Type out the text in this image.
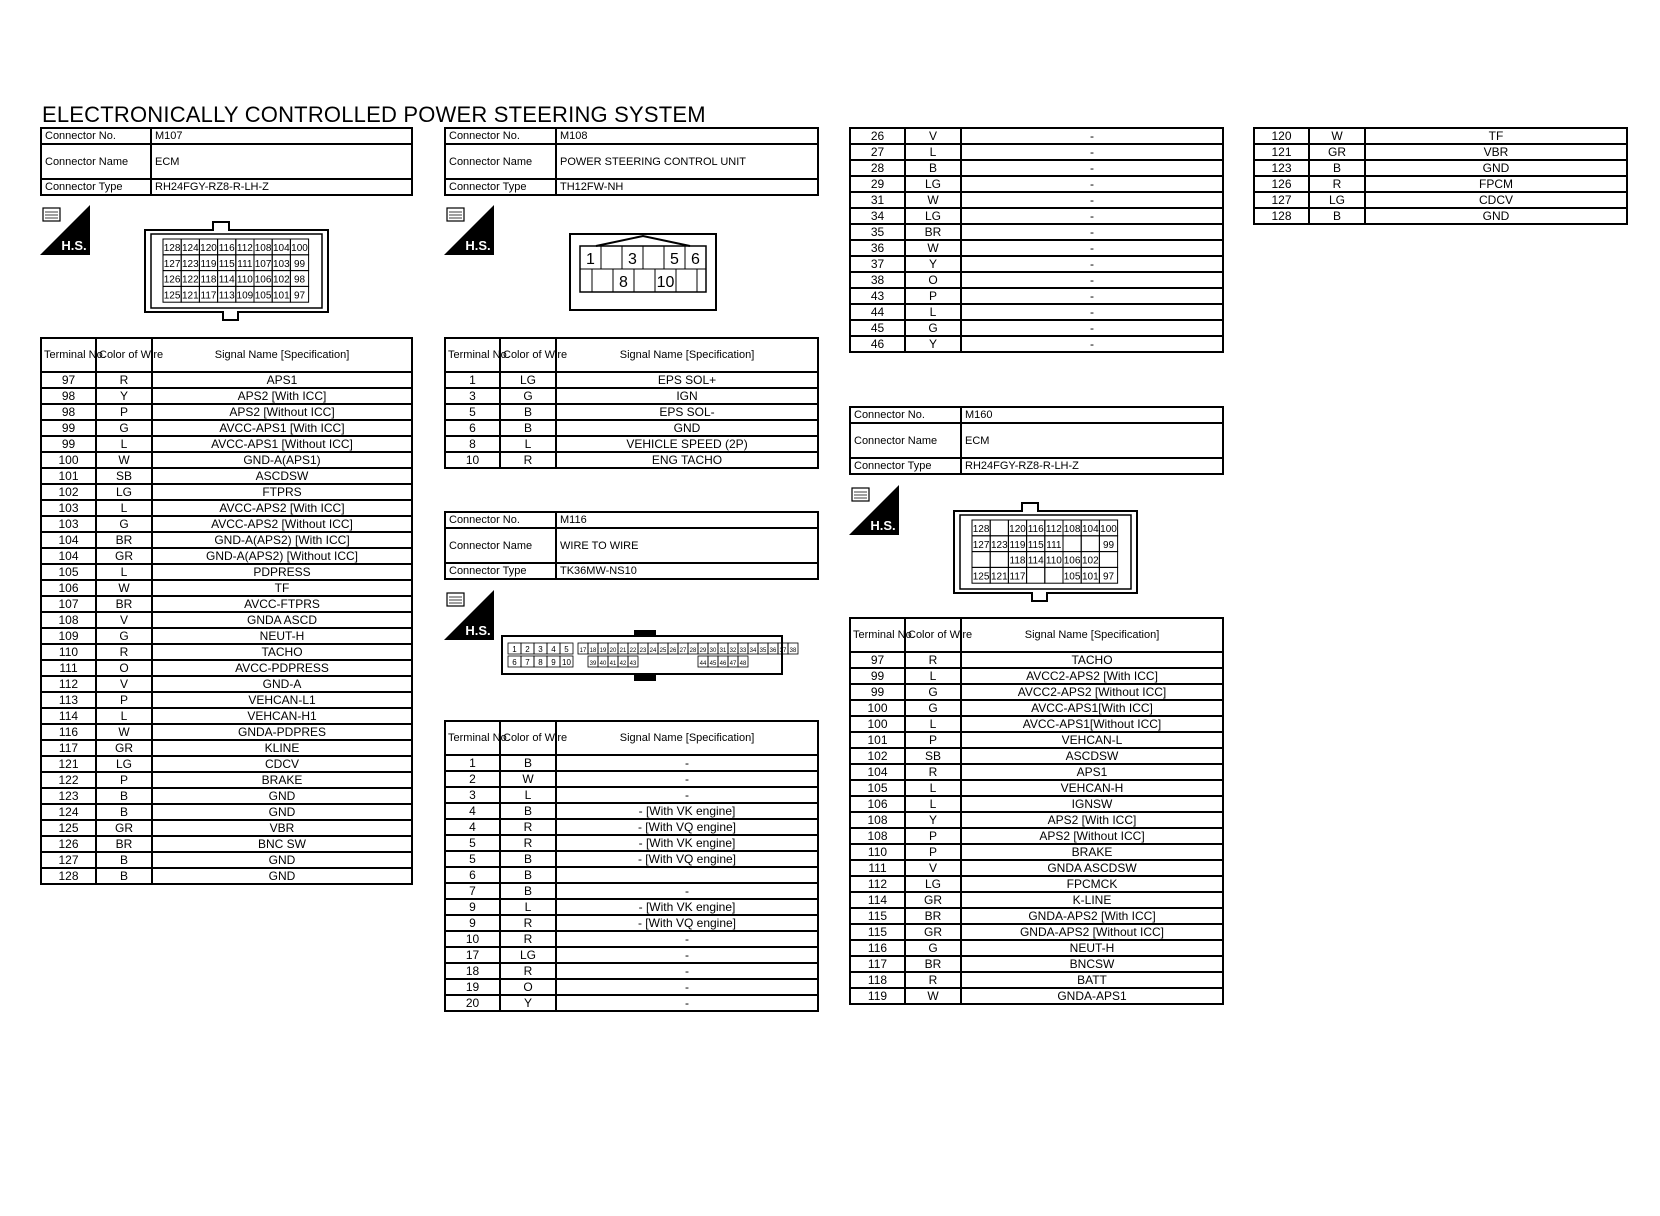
ELECTRONICALLY CONTROLLED POWER STEERING SYSTEM
Connector No.	M107
Connector Name	ECM
Connector Type	RH24FGY-RZ8-R-LH-Z
H.S.	128 124 120 116 112 108 104 100
127 123 119 115 111 107 103 99
126 122 118 114 110 106 102 98
125 121 117 113 109 105 101 97
Terminal No.	Color of Wire	Signal Name [Specification]
97	R	APS1
98	Y	APS2 [With ICC]
98	P	APS2 [Without ICC]
99	G	AVCC-APS1 [With ICC]
99	L	AVCC-APS1 [Without ICC]
100	W	GND-A(APS1)
101	SB	ASCDSW
102	LG	FTPRS
103	L	AVCC-APS2 [With ICC]
103	G	AVCC-APS2 [Without ICC]
104	BR	GND-A(APS2) [With ICC]
104	GR	GND-A(APS2) [Without ICC]
105	L	PDPRESS
106	W	TF
107	BR	AVCC-FTPRS
108	V	GNDA ASCD
109	G	NEUT-H
110	R	TACHO
111	O	AVCC-PDPRESS
112	V	GND-A
113	P	VEHCAN-L1
114	L	VEHCAN-H1
116	W	GNDA-PDPRES
117	GR	KLINE
121	LG	CDCV
122	P	BRAKE
123	B	GND
124	B	GND
125	GR	VBR
126	BR	BNC SW
127	B	GND
128	B	GND
Connector No.	M108
Connector Name	POWER STEERING CONTROL UNIT
Connector Type	TH12FW-NH
H.S.
1 3 5 6
8 10
Terminal No.	Color of Wire	Signal Name [Specification]
1	LG	EPS SOL+
3	G	IGN
5	B	EPS SOL-
6	B	GND
8	L	VEHICLE SPEED (2P)
10	R	ENG TACHO
Connector No.	M116
Connector Name	WIRE TO WIRE
Connector Type	TK36MW-NS10
H.S.
1 2 3 4 5 17 18 19 20 21 22 23 24 25 26 27 28 29 30 31 32 33 34 35 36 37 38
6 7 8 9 10	39 40 41 42 43	44 45 46 47 48
Terminal No.	Color of Wire	Signal Name [Specification]
1	B	-
2	W	-
3	L	-
4	B	- [With VK engine]
4	R	- [With VQ engine]
5	R	- [With VK engine]
5	B	- [With VQ engine]
6	B	
7	B	-
9	L	- [With VK engine]
9	R	- [With VQ engine]
10	R	-
17	LG	-
18	R	-
19	O	-
20	Y	-
26	V	-
27	L	-
28	B	-
29	LG	-
31	W	-
34	LG	-
35	BR	-
36	W	-
37	Y	-
38	O	-
43	P	-
44	L	-
45	G	-
46	Y	-
Connector No.	M160
Connector Name	ECM
Connector Type	RH24FGY-RZ8-R-LH-Z
H.S.	128 120 116 112 108 104 100
127 123 119 115 111	99
118 114 110 106 102
125 121 117	105 101 97
Terminal No.	Color of Wire	Signal Name [Specification]
97	R	TACHO
99	L	AVCC2-APS2 [With ICC]
99	G	AVCC2-APS2 [Without ICC]
100	G	AVCC-APS1[With ICC]
100	L	AVCC-APS1[Without ICC]
101	P	VEHCAN-L
102	SB	ASCDSW
104	R	APS1
105	L	VEHCAN-H
106	L	IGNSW
108	Y	APS2 [With ICC]
108	P	APS2 [Without ICC]
110	P	BRAKE
111	V	GNDA ASCDSW
112	LG	FPCMCK
114	GR	K-LINE
115	BR	GNDA-APS2 [With ICC]
115	GR	GNDA-APS2 [Without ICC]
116	G	NEUT-H
117	BR	BNCSW
118	R	BATT
119	W	GNDA-APS1
120	W	TF
121	GR	VBR
123	B	GND
126	R	FPCM
127	LG	CDCV
128	B	GND
